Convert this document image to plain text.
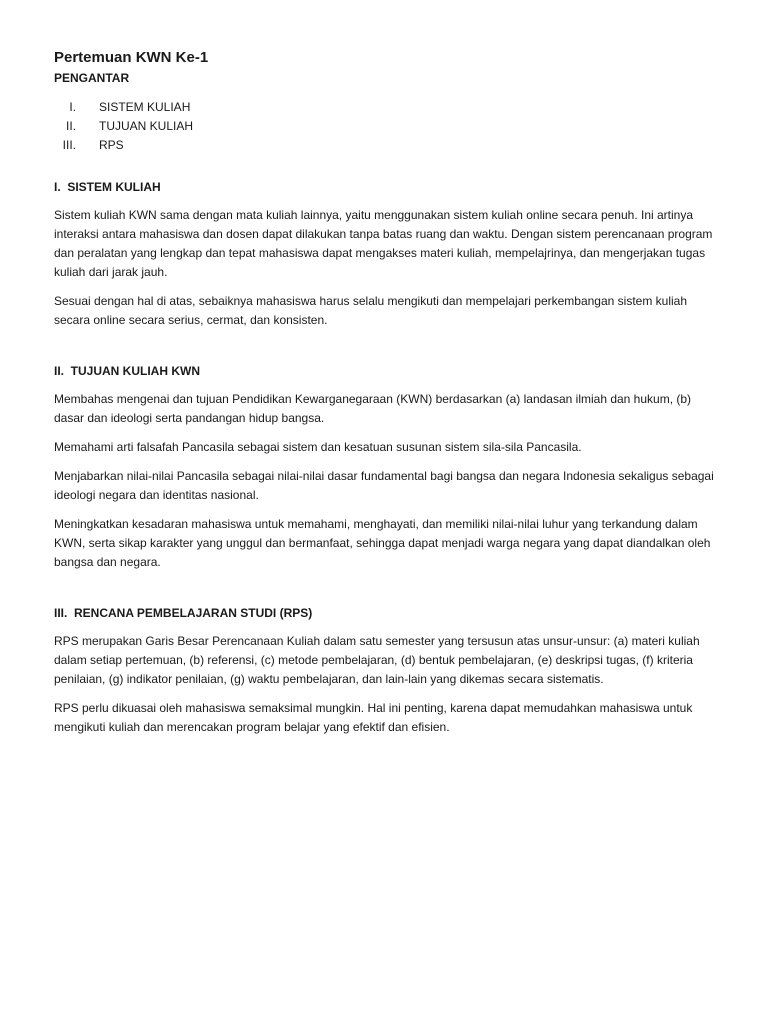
Pertemuan KWN Ke-1
PENGANTAR
I. SISTEM KULIAH
II. TUJUAN KULIAH
III. RPS
I.  SISTEM KULIAH

Sistem kuliah KWN sama dengan mata kuliah lainnya, yaitu menggunakan sistem kuliah online secara penuh. Ini artinya interaksi antara mahasiswa dan dosen dapat dilakukan tanpa batas ruang dan waktu. Dengan sistem perencanaan program dan peralatan yang lengkap dan tepat mahasiswa dapat mengakses materi kuliah, mempelajrinya, dan mengerjakan tugas kuliah dari jarak jauh.

Sesuai dengan hal di atas, sebaiknya mahasiswa harus selalu mengikuti dan mempelajari perkembangan sistem kuliah secara online secara serius, cermat, dan konsisten.

II.  TUJUAN KULIAH KWN

Membahas mengenai dan tujuan Pendidikan Kewarganegaraan (KWN) berdasarkan (a) landasan ilmiah dan hukum, (b) dasar dan ideologi serta pandangan hidup bangsa.

Memahami arti falsafah Pancasila sebagai sistem dan kesatuan susunan sistem sila-sila Pancasila.

Menjabarkan nilai-nilai Pancasila sebagai nilai-nilai dasar fundamental bagi bangsa dan negara Indonesia sekaligus sebagai ideologi negara dan identitas nasional.

Meningkatkan kesadaran mahasiswa untuk memahami, menghayati, dan memiliki nilai-nilai luhur yang terkandung dalam KWN, serta sikap karakter yang unggul dan bermanfaat, sehingga dapat menjadi warga negara yang dapat diandalkan oleh bangsa dan negara.

III.  RENCANA PEMBELAJARAN STUDI (RPS)

RPS merupakan Garis Besar Perencanaan Kuliah dalam satu semester yang tersusun atas unsur-unsur: (a) materi kuliah dalam setiap pertemuan, (b) referensi, (c) metode pembelajaran, (d) bentuk pembelajaran, (e) deskripsi tugas, (f) kriteria penilaian, (g) indikator penilaian, (g) waktu pembelajaran, dan lain-lain yang dikemas secara sistematis.

RPS perlu dikuasai oleh mahasiswa semaksimal mungkin. Hal ini penting, karena dapat memudahkan mahasiswa untuk mengikuti kuliah dan merencakan program belajar yang efektif dan efisien.
